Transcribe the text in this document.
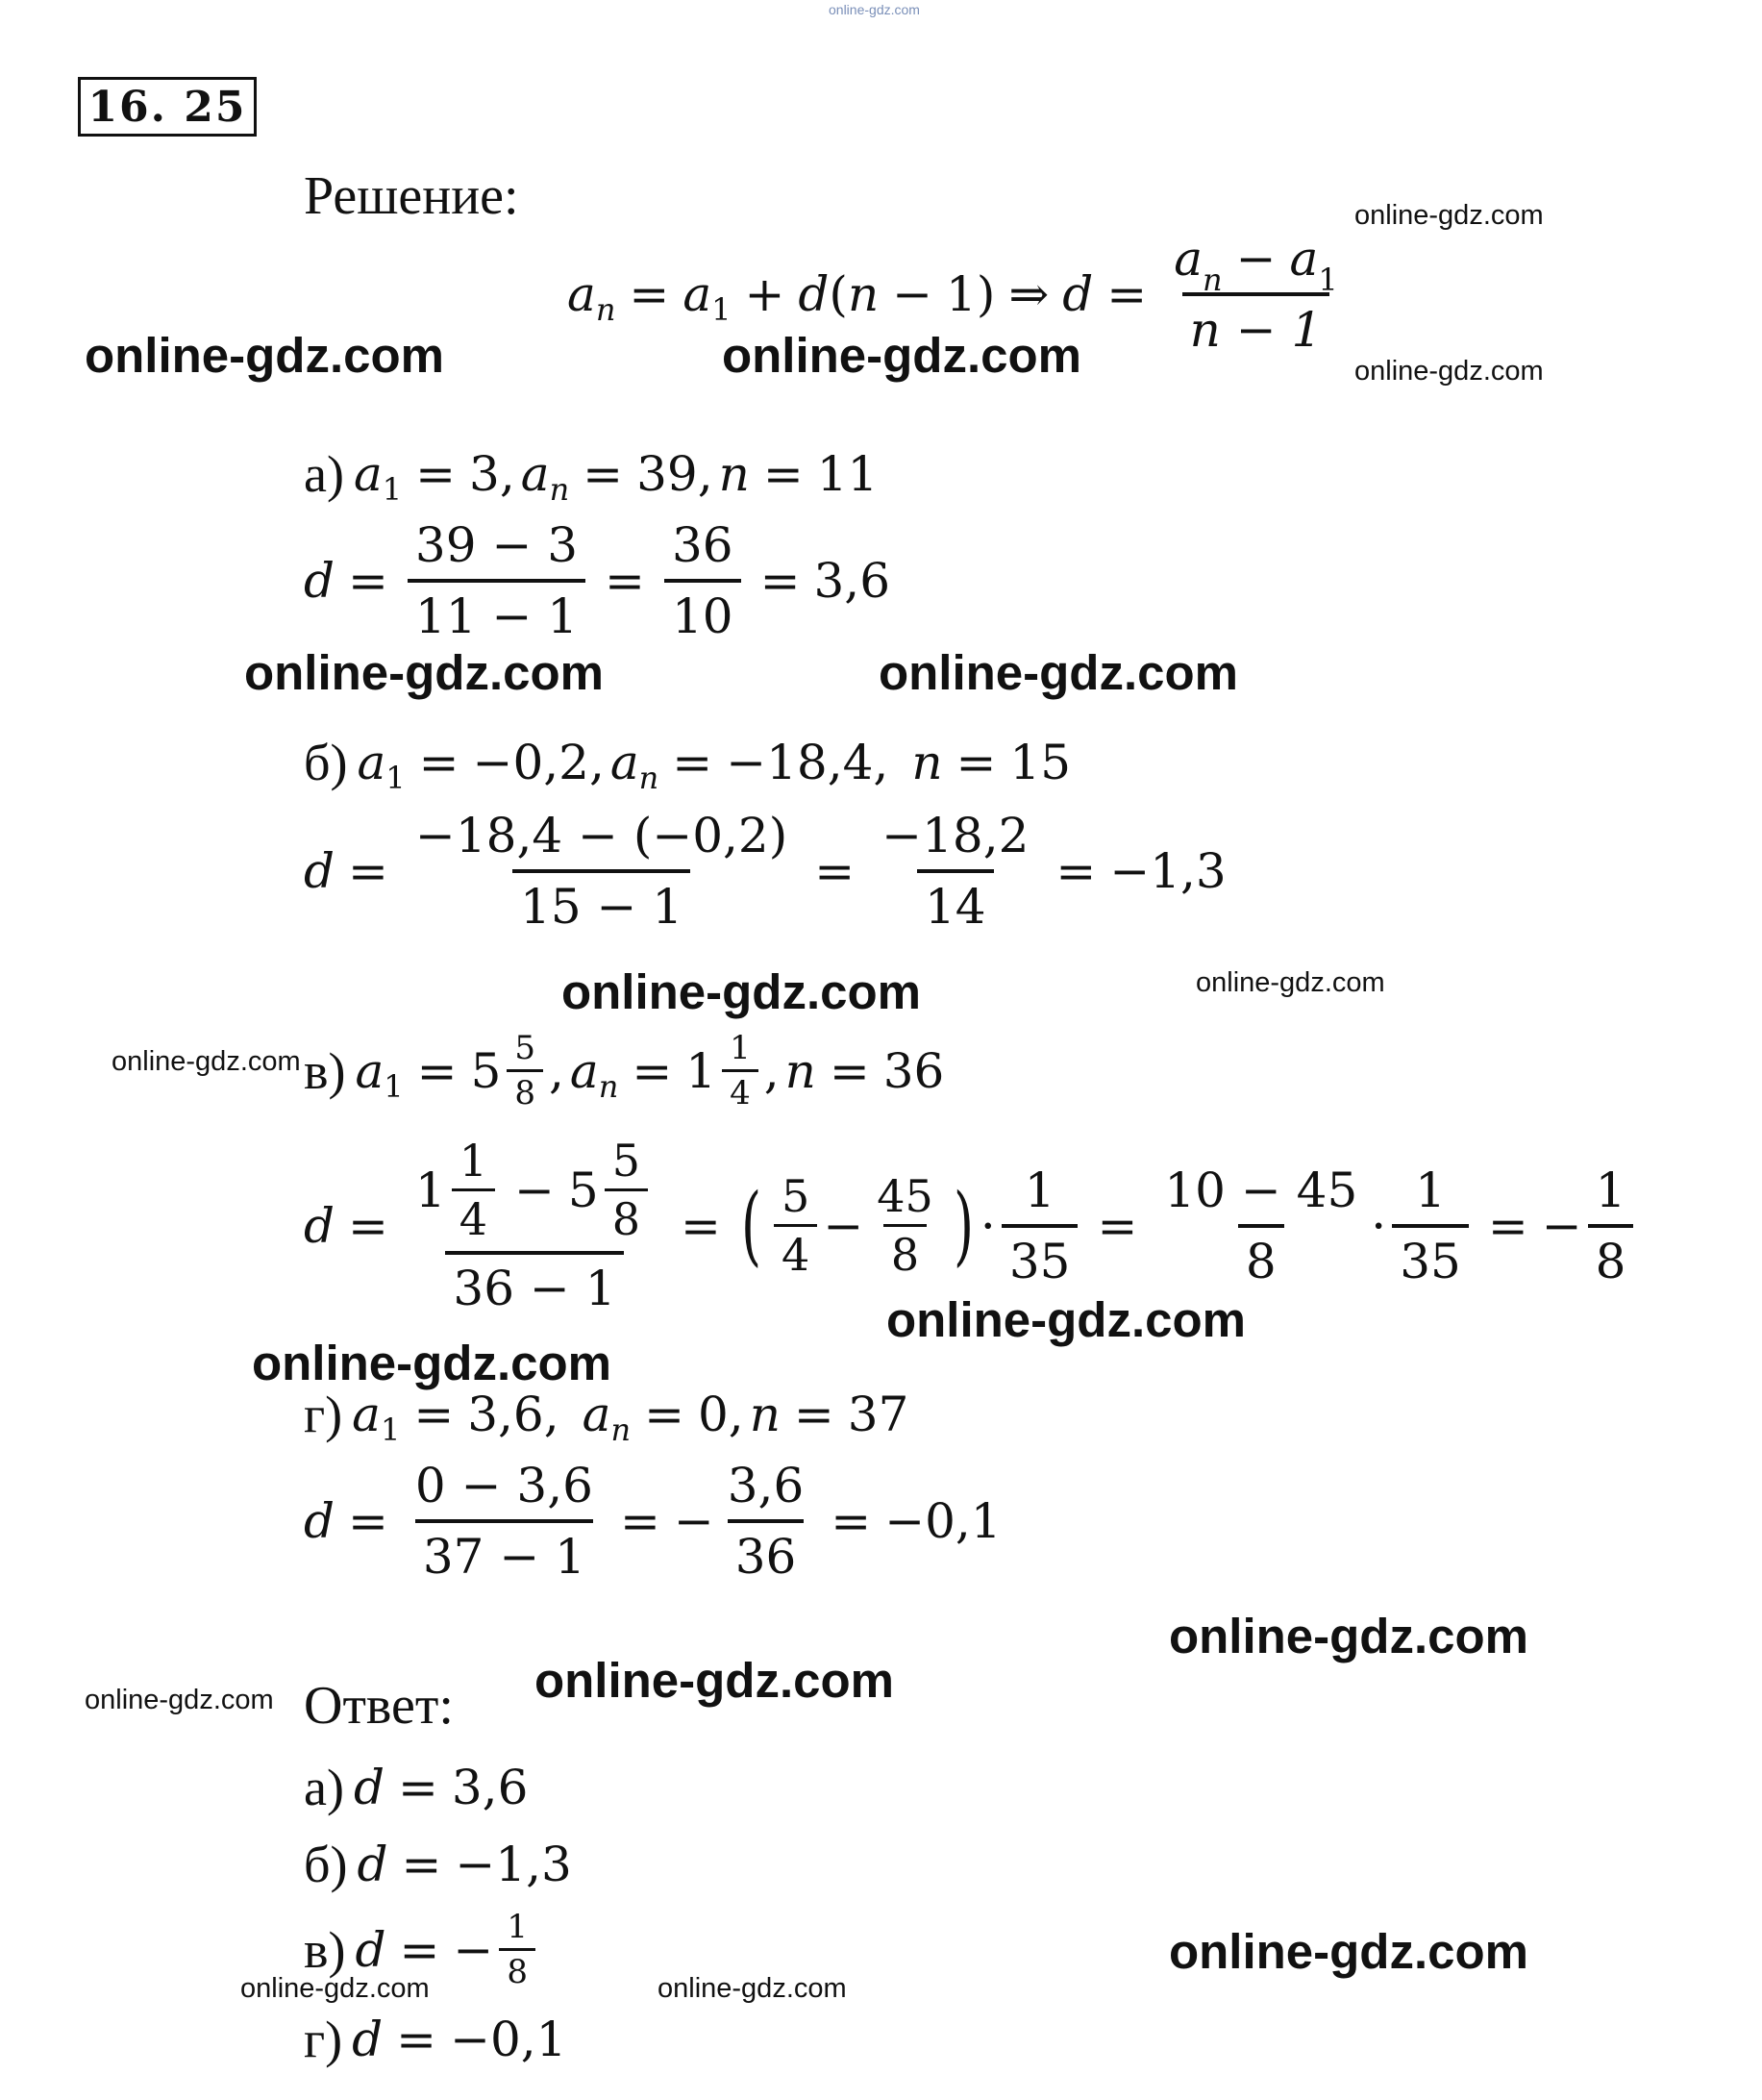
online-gdz.com
16. 25
Решение:
a n = a 1 + d ( n − 1 ) ⇒ $d = \frac{a_n - a_1}{n - 1}$
а) a 1 = 3, a n = 39, n = 11
$d = \frac{39 - 3}{11 - 1} = \frac{36}{10} = 3,6$
б) a 1 = −0,2, a n = −18,4, n = 15
$d = \frac{-18,4 - (-0,2)}{15 - 1} = \frac{-18,2}{14} = -1,3$
в) a $1 = 5 \frac{5}{8}$ , a $n = 1 \frac{1}{4}$ , n = 36
$d = \frac{1 \frac{1}{4} - 5 \frac{5}{8}}{36 - 1}$ = ( $\frac{5}{4} - \frac{45}{8}$ ) · $\frac{1}{35} = \frac{10 - 45}{8} \cdot \frac{1}{35}$ = − $\frac{1}{8}$
г) a 1 = 3,6, a n = 0, n = 37
$d = \frac{0 - 3,6}{37 - 1}$ = − $\frac{3,6}{36} = -0,1$
Ответ:
а) d = 3,6
б) d = −1,3
в) d = − $\frac{1}{8}$
г) d = −0,1
online-gdz.com	online-gdz.com
online-gdz.com	online-gdz.com
online-gdz.com
online-gdz.com
online-gdz.com
online-gdz.com
online-gdz.com
online-gdz.com
online-gdz.com
online-gdz.com
online-gdz.com
online-gdz.com
online-gdz.com
online-gdz.com	online-gdz.com
